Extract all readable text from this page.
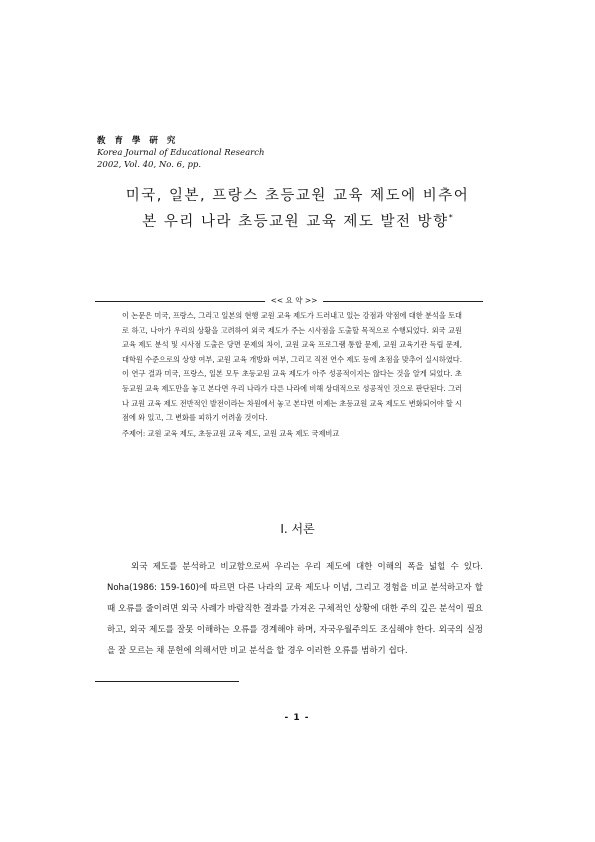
敎 育 學 硏 究
Korea Journal of Educational Research
2002, Vol. 40, No. 6, pp.
미국, 일본, 프랑스 초등교원 교육 제도에 비추어
본 우리 나라 초등교원 교육 제도 발전 방향*
<< 요 약 >>

이 논문은 미국, 프랑스, 그리고 일본의 현행 교원 교육 제도가 드러내고 있는 강점과 약점에 대한 분석을 토대로 하고, 나아가 우리의 상황을 고려하여 외국 제도가 주는 시사점을 도출할 목적으로 수행되었다. 외국 교원 교육 제도 분석 및 시사점 도출은 당면 문제의 차이, 교원 교육 프로그램 통합 문제, 교원 교육기관 독립 문제, 대학원 수준으로의 상향 여부, 교원 교육 개방화 여부, 그리고 직전 연수 제도 등에 초점을 맞추어 실시하였다. 이 연구 결과 미국, 프랑스, 일본 모두 초등교원 교육 제도가 아주 성공적이지는 않다는 것을 알게 되었다. 초등교원 교육 제도만을 놓고 본다면 우리 나라가 다른 나라에 비해 상대적으로 성공적인 것으로 판단된다. 그러나 교원 교육 제도 전반적인 발전이라는 차원에서 놓고 본다면 이제는 초등교원 교육 제도도 변화되어야 할 시점에 와 있고, 그 변화를 피하기 어려울 것이다.

주제어: 교원 교육 제도, 초등교원 교육 제도, 교원 교육 제도 국제비교

I. 서론

외국 제도를 분석하고 비교함으로써 우리는 우리 제도에 대한 이해의 폭을 넓힐 수 있다. Noha(1986: 159-160)에 따르면 다른 나라의 교육 제도나 이념, 그리고 경험을 비교 분석하고자 할 때 오류를 줄이려면 외국 사례가 바람직한 결과를 가져온 구체적인 상황에 대한 주의 깊은 분석이 필요하고, 외국 제도를 잘못 이해하는 오류를 경계해야 하며, 자국우월주의도 조심해야 한다. 외국의 실정을 잘 모르는 채 문헌에 의해서만 비교 분석을 할 경우 이러한 오류를 범하기 쉽다.

- 1 -
